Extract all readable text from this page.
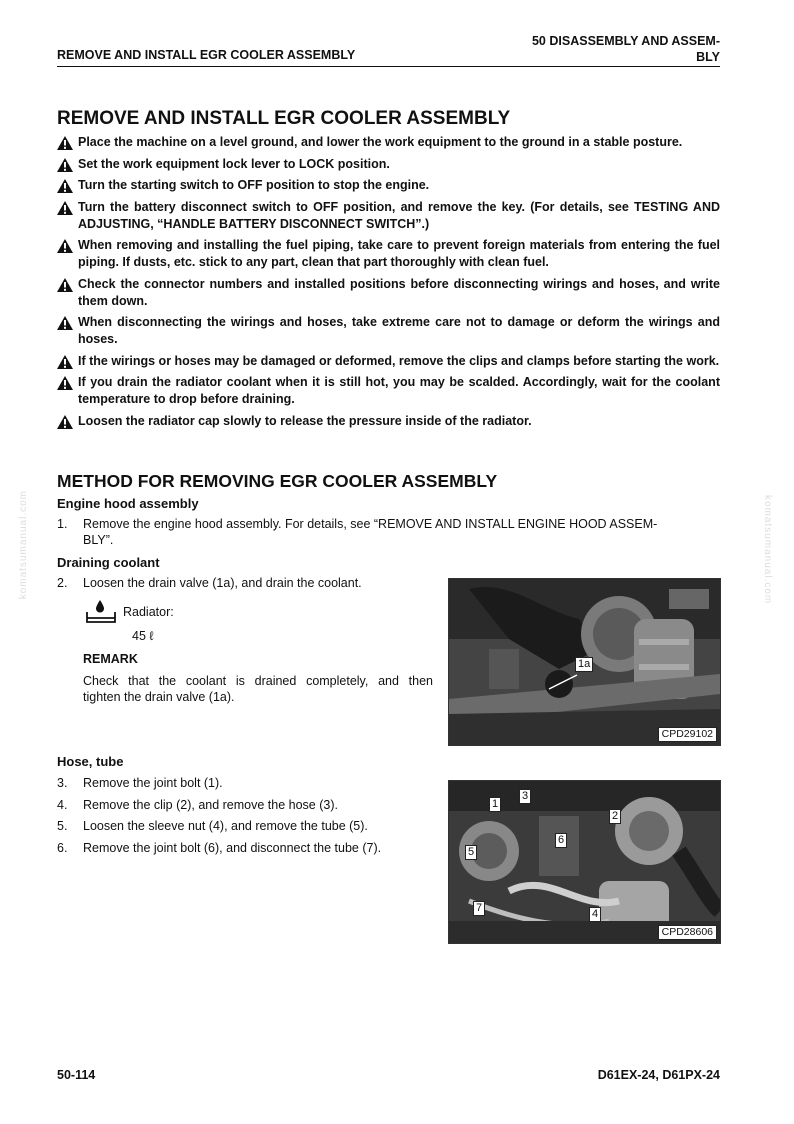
REMOVE AND INSTALL EGR COOLER ASSEMBLY
50 DISASSEMBLY AND ASSEM-
BLY
REMOVE AND INSTALL EGR COOLER ASSEMBLY
Place the machine on a level ground, and lower the work equipment to the ground in a stable posture.
Set the work equipment lock lever to LOCK position.
Turn the starting switch to OFF position to stop the engine.
Turn the battery disconnect switch to OFF position, and remove the key. (For details, see TESTING AND ADJUSTING, “HANDLE BATTERY DISCONNECT SWITCH”.)
When removing and installing the fuel piping, take care to prevent foreign materials from entering the fuel piping. If dusts, etc. stick to any part, clean that part thoroughly with clean fuel.
Check the connector numbers and installed positions before disconnecting wirings and hoses, and write them down.
When disconnecting the wirings and hoses, take extreme care not to damage or deform the wirings and hoses.
If the wirings or hoses may be damaged or deformed, remove the clips and clamps before starting the work.
If you drain the radiator coolant when it is still hot, you may be scalded. Accordingly, wait for the coolant temperature to drop before draining.
Loosen the radiator cap slowly to release the pressure inside of the radiator.
METHOD FOR REMOVING EGR COOLER ASSEMBLY
Engine hood assembly
1. Remove the engine hood assembly. For details, see “REMOVE AND INSTALL ENGINE HOOD ASSEM-
BLY”.
Draining coolant
2. Loosen the drain valve (1a), and drain the coolant.
Radiator:
45 ℓ
REMARK
Check that the coolant is drained completely, and then
tighten the drain valve (1a).
1a
CPD29102
Hose, tube
3. Remove the joint bolt (1).
4. Remove the clip (2), and remove the hose (3).
5. Loosen the sleeve nut (4), and remove the tube (5).
6. Remove the joint bolt (6), and disconnect the tube (7).
1
3
2
6
5
7	4
CPD28606
komatsumanual.com	komatsumanual.com
50-114	D61EX-24, D61PX-24
